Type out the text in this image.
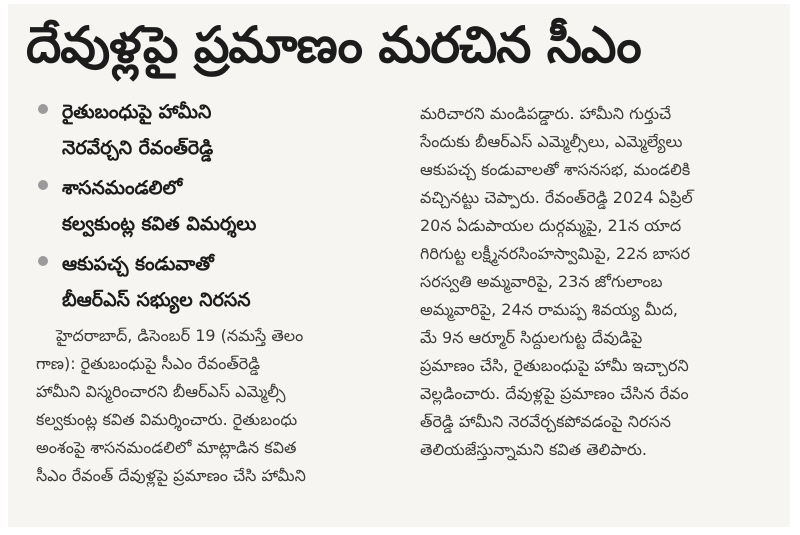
దేవుళ్లపై ప్రమాణం మరచిన సీఎం
రైతుబంధుపై హామీని
నెరవేర్చని రేవంత్‌రెడ్డి
శాసనమండలిలో
కల్వకుంట్ల కవిత విమర్శలు
ఆకుపచ్చ కండువాతో
బీఆర్‌ఎస్ సభ్యుల నిరసన
హైదరాబాద్, డిసెంబర్ 19 (నమస్తే తెలం
గాణ): రైతుబంధుపై సీఎం రేవంత్‌రెడ్డి
హామీని విస్మరించారని బీఆర్‌ఎస్ ఎమ్మెల్సీ
కల్వకుంట్ల కవిత విమర్శించారు. రైతుబంధు
అంశంపై శాసనమండలిలో మాట్లాడిన కవిత
సీఎం రేవంత్ దేవుళ్లపై ప్రమాణం చేసి హామీని
మరిచారని మండిపడ్డారు. హామీని గుర్తుచే
సేందుకు బీఆర్‌ఎస్ ఎమ్మెల్సీలు, ఎమ్మెల్యేలు
ఆకుపచ్చ కండువాలతో శాసనసభ, మండలికి
వచ్చినట్టు చెప్పారు. రేవంత్‌రెడ్డి 2024 ఏప్రిల్
20న ఏడుపాయల దుర్గమ్మపై, 21న యాద
గిరిగుట్ట లక్ష్మీనరసింహస్వామిపై, 22న బాసర
సరస్వతి అమ్మవారిపై, 23న జోగులాంబ
అమ్మవారిపై, 24న రామప్ప శివయ్య మీద,
మే 9న ఆర్మూర్ సిద్దులగుట్ట దేవుడిపై
ప్రమాణం చేసి, రైతుబంధుపై హామీ ఇచ్చారని
వెల్లడించారు. దేవుళ్లపై ప్రమాణం చేసిన రేవం
త్‌రెడ్డి హామీని నెరవేర్చకపోవడంపై నిరసన
తెలియజేస్తున్నామని కవిత తెలిపారు.
